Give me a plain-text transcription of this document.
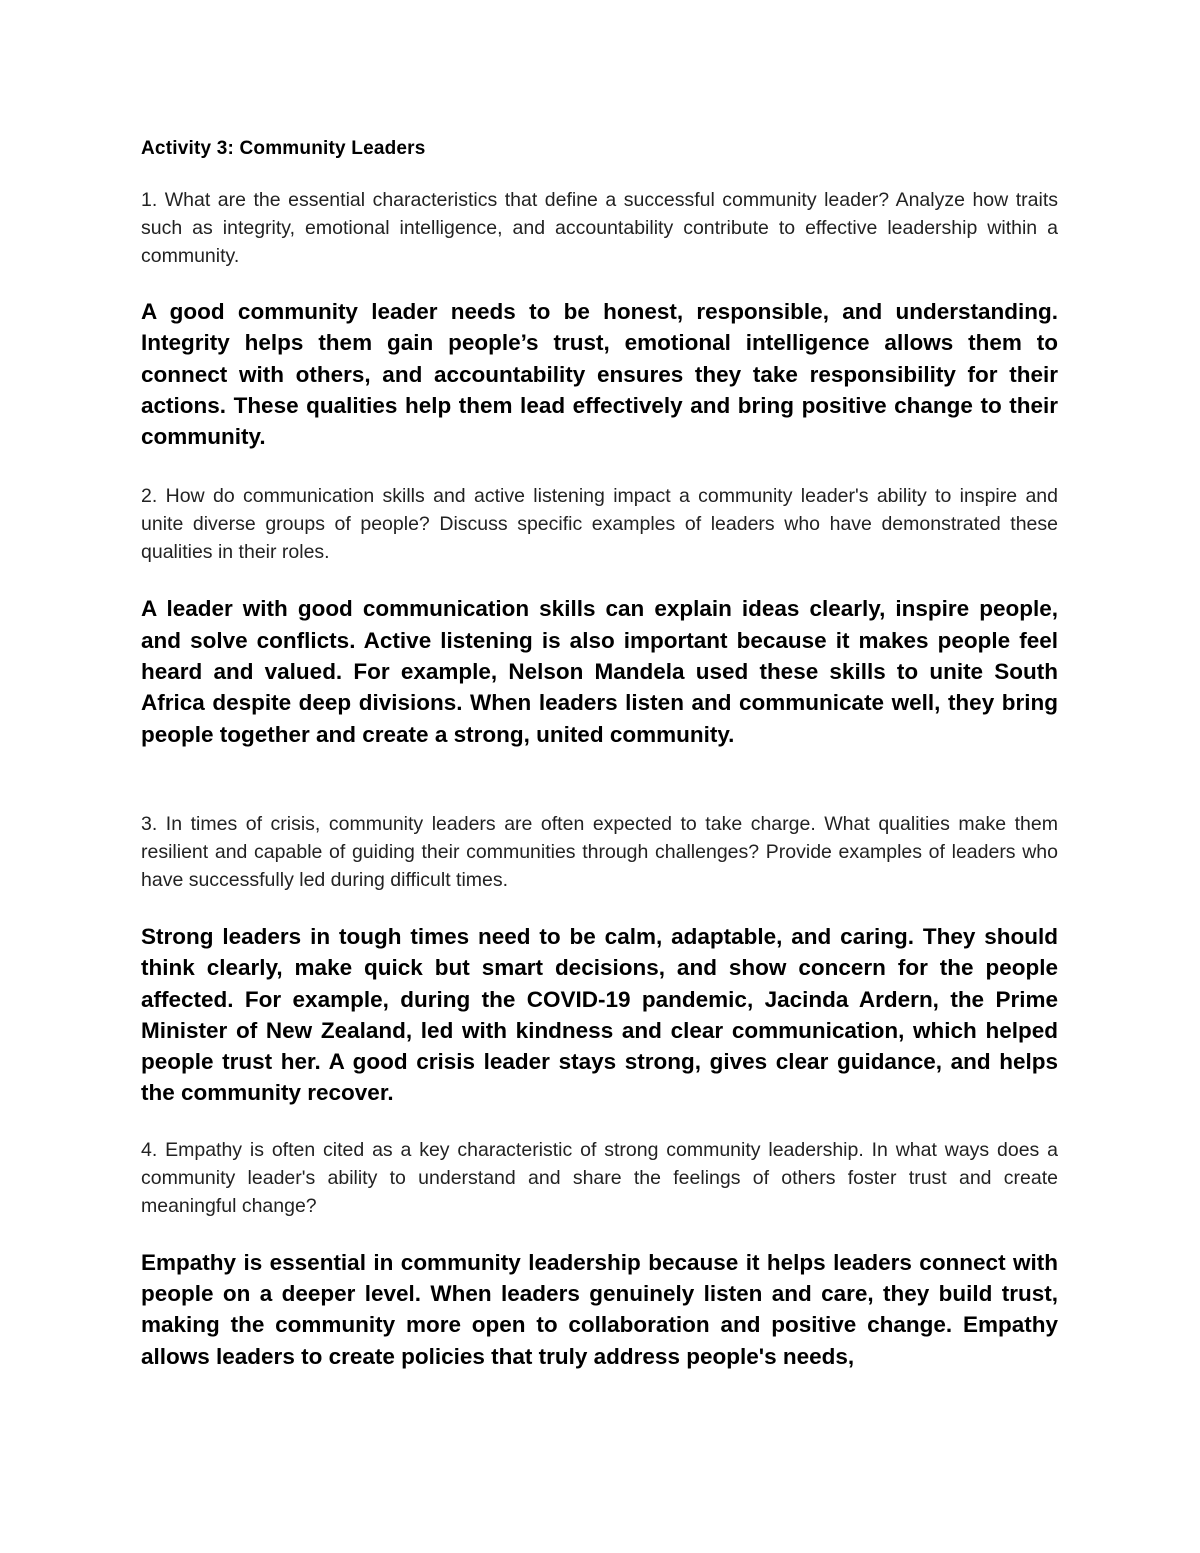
Activity 3: Community Leaders

1. What are the essential characteristics that define a successful community leader? Analyze how traits such as integrity, emotional intelligence, and accountability contribute to effective leadership within a community.

A good community leader needs to be honest, responsible, and understanding. Integrity helps them gain people’s trust, emotional intelligence allows them to connect with others, and accountability ensures they take responsibility for their actions. These qualities help them lead effectively and bring positive change to their community.

2. How do communication skills and active listening impact a community leader's ability to inspire and unite diverse groups of people? Discuss specific examples of leaders who have demonstrated these qualities in their roles.

A leader with good communication skills can explain ideas clearly, inspire people, and solve conflicts. Active listening is also important because it makes people feel heard and valued. For example, Nelson Mandela used these skills to unite South Africa despite deep divisions. When leaders listen and communicate well, they bring people together and create a strong, united community.

3. In times of crisis, community leaders are often expected to take charge. What qualities make them resilient and capable of guiding their communities through challenges? Provide examples of leaders who have successfully led during difficult times.

Strong leaders in tough times need to be calm, adaptable, and caring. They should think clearly, make quick but smart decisions, and show concern for the people affected. For example, during the COVID-19 pandemic, Jacinda Ardern, the Prime Minister of New Zealand, led with kindness and clear communication, which helped people trust her. A good crisis leader stays strong, gives clear guidance, and helps the community recover.

4. Empathy is often cited as a key characteristic of strong community leadership. In what ways does a community leader's ability to understand and share the feelings of others foster trust and create meaningful change?

Empathy is essential in community leadership because it helps leaders connect with people on a deeper level. When leaders genuinely listen and care, they build trust, making the community more open to collaboration and positive change. Empathy allows leaders to create policies that truly address people's needs,
